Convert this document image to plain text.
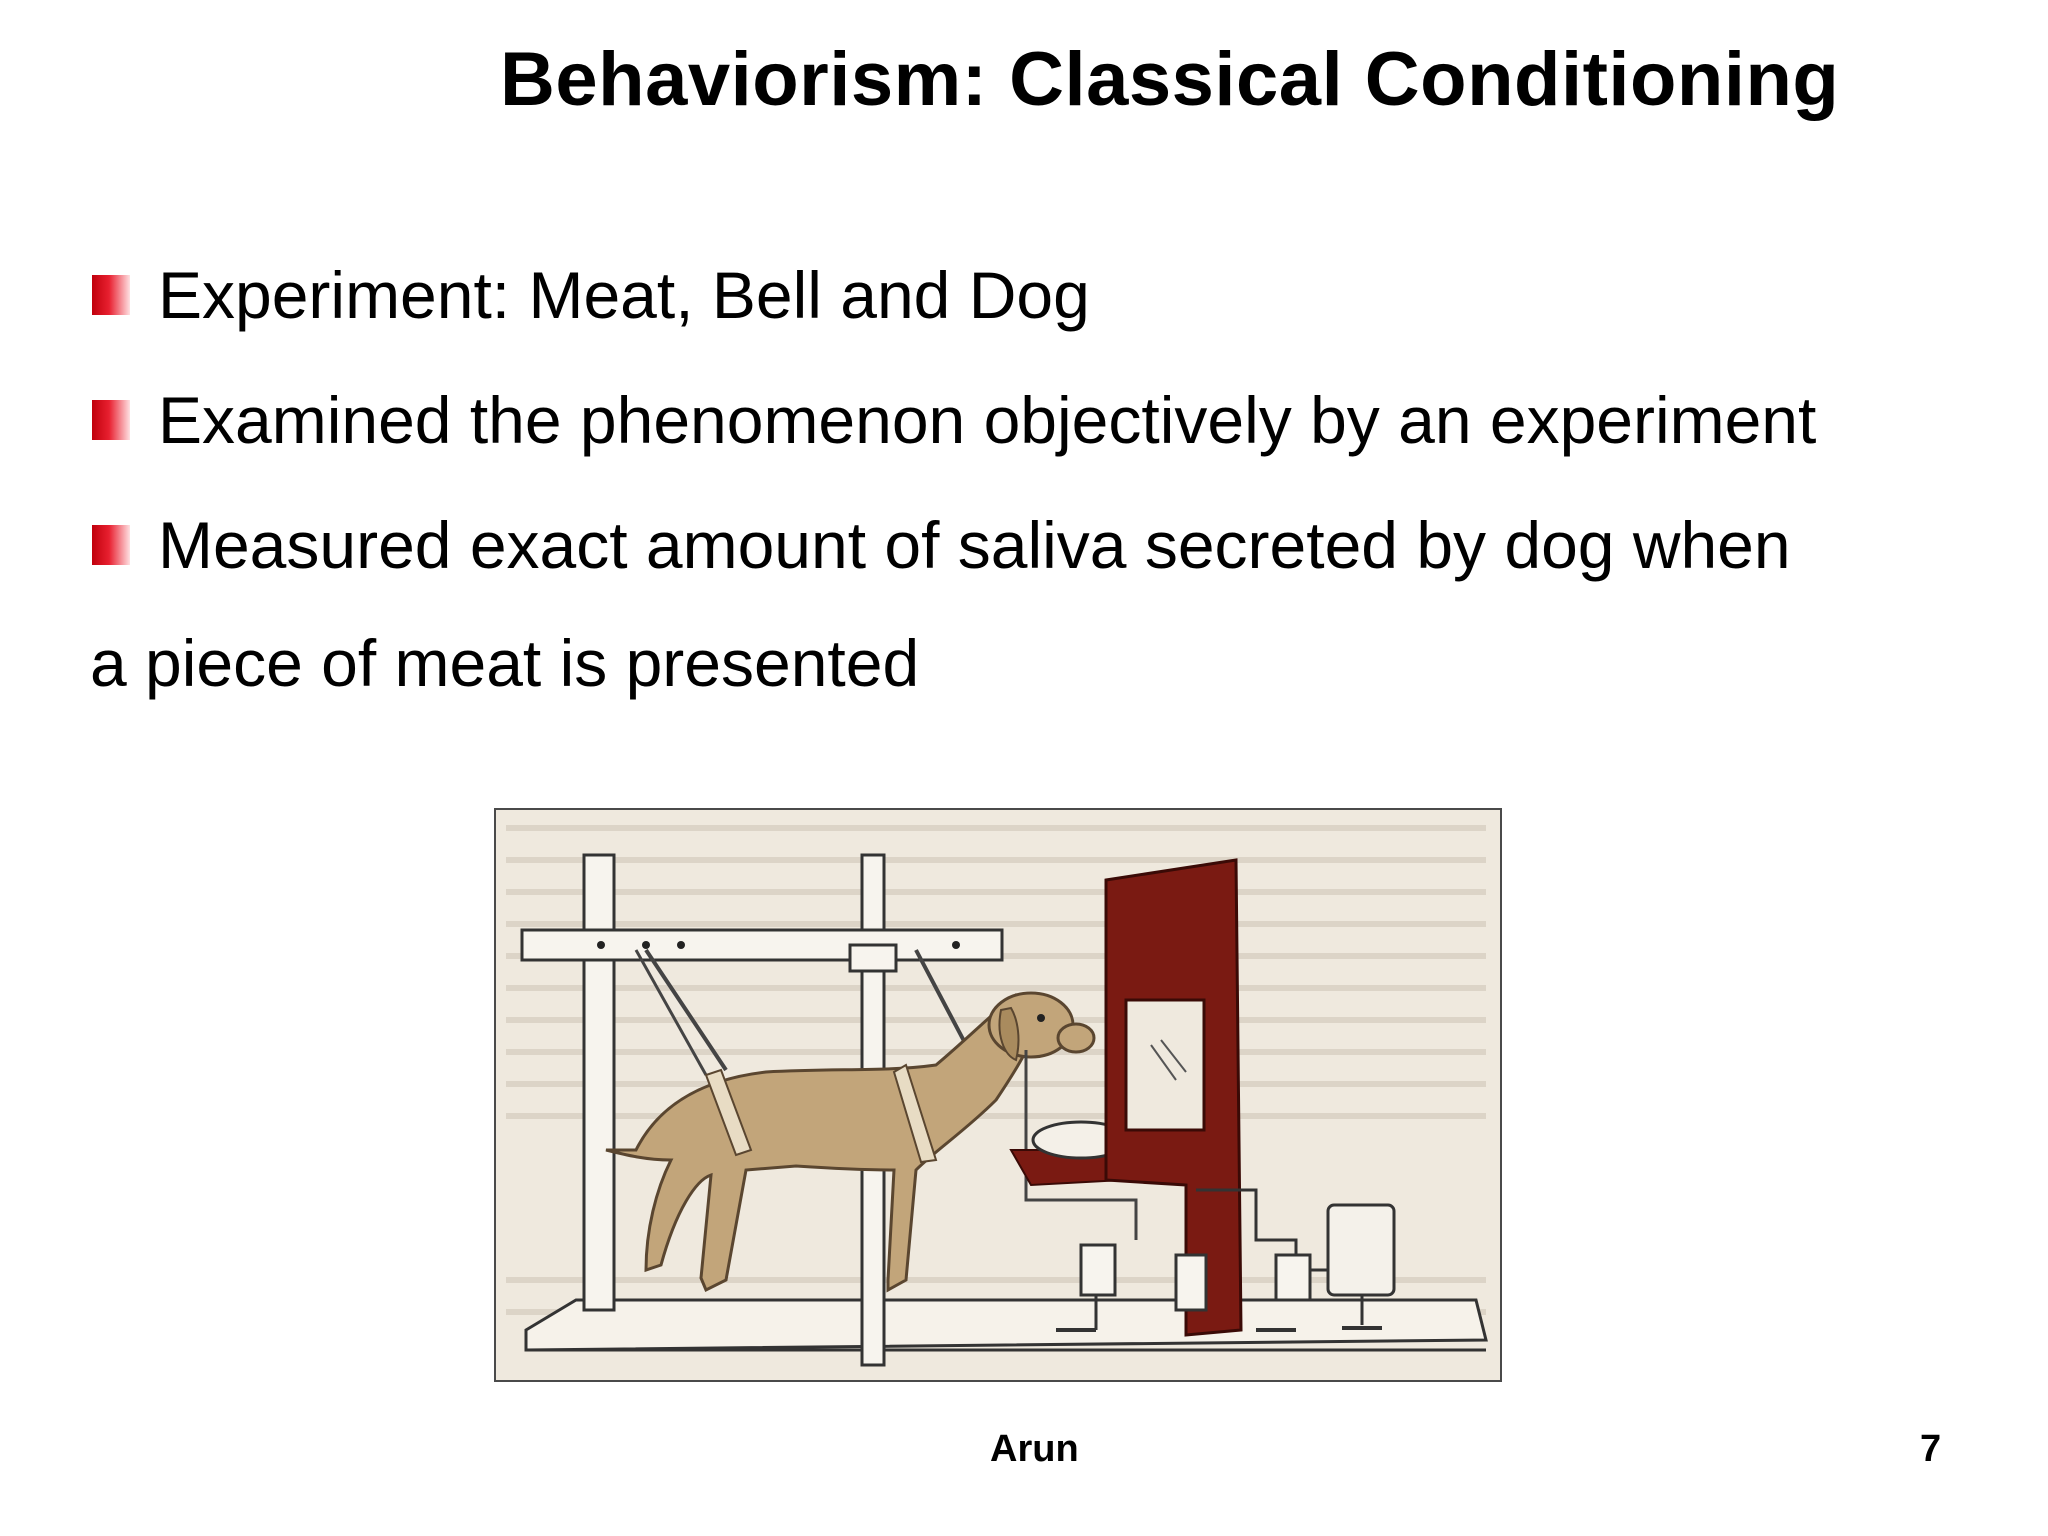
Behaviorism: Classical Conditioning
Experiment: Meat, Bell and Dog
Examined the phenomenon objectively by an experiment
Measured exact amount of saliva secreted by dog when
a piece of meat is presented
Arun	7
